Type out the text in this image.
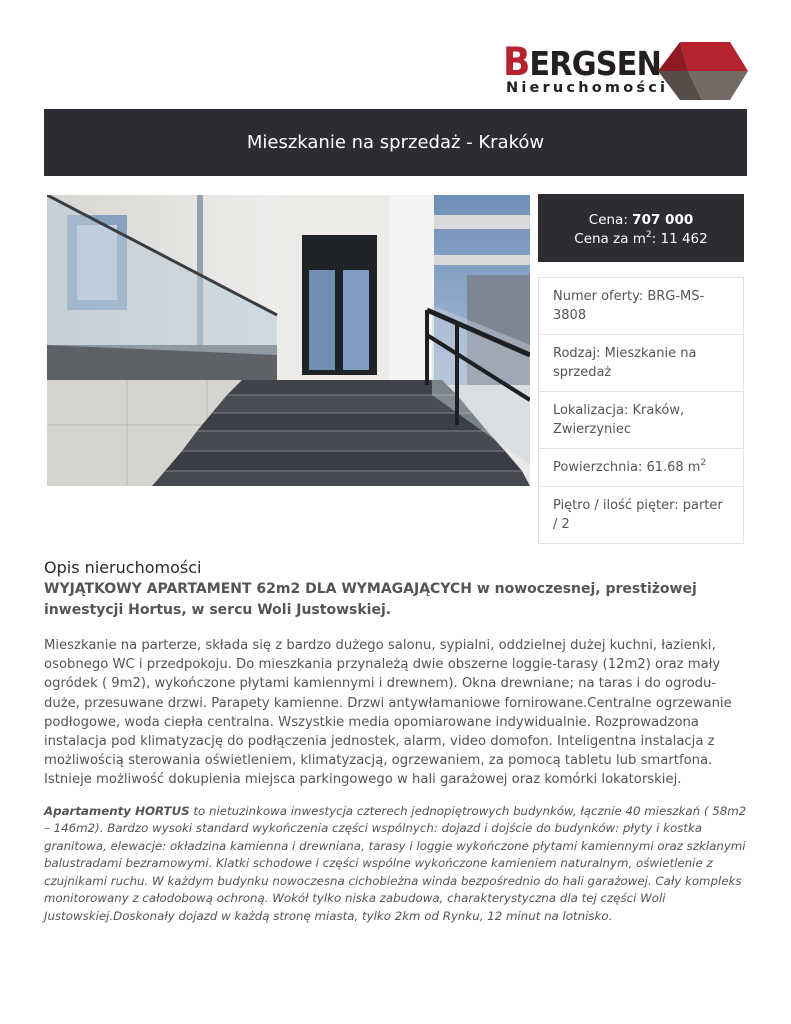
BERGSEN
Nieruchomości
Mieszkanie na sprzedaż - Kraków
Cena: 707 000
Cena za $m^2$: 11 462
Numer oferty: BRG-MS-3808
Rodzaj: Mieszkanie na sprzedaż
Lokalizacja: Kraków, Zwierzyniec
Powierzchnia: 61.68 $m^2$
Piętro / ilość pięter: parter / 2
Opis nieruchomości
WYJĄTKOWY APARTAMENT 62m2 DLA WYMAGAJĄCYCH w nowoczesnej, prestiżowej inwestycji Hortus, w sercu Woli Justowskiej.
Mieszkanie na parterze, składa się z bardzo dużego salonu, sypialni, oddzielnej dużej kuchni, łazienki, osobnego WC i przedpokoju. Do mieszkania przynależą dwie obszerne loggie-tarasy (12m2) oraz mały ogródek ( 9m2), wykończone płytami kamiennymi i drewnem). Okna drewniane; na taras i do ogrodu-duże, przesuwane drzwi. Parapety kamienne. Drzwi antywłamaniowe fornirowane.Centralne ogrzewanie podłogowe, woda ciepła centralna. Wszystkie media opomiarowane indywidualnie. Rozprowadzona instalacja pod klimatyzację do podłączenia jednostek, alarm, video domofon. Inteligentna instalacja z możliwością sterowania oświetleniem, klimatyzacją, ogrzewaniem, za pomocą tabletu lub smartfona. Istnieje możliwość dokupienia miejsca parkingowego w hali garażowej oraz komórki lokatorskiej.
Apartamenty HORTUS to nietuzinkowa inwestycja czterech jednopiętrowych budynków, łącznie 40 mieszkań ( 58m2 – 146m2). Bardzo wysoki standard wykończenia części wspólnych: dojazd i dojście do budynków: płyty i kostka granitowa, elewacje: okładzina kamienna i drewniana, tarasy i loggie wykończone płytami kamiennymi oraz szklanymi balustradami bezramowymi. Klatki schodowe i części wspólne wykończone kamieniem naturalnym, oświetlenie z czujnikami ruchu. W każdym budynku nowoczesna cichobieżna winda bezpośrednio do hali garażowej. Cały kompleks monitorowany z całodobową ochroną. Wokół tylko niska zabudowa, charakterystyczna dla tej części Woli Justowskiej.Doskonały dojazd w każdą stronę miasta, tylko 2km od Rynku, 12 minut na lotnisko.
